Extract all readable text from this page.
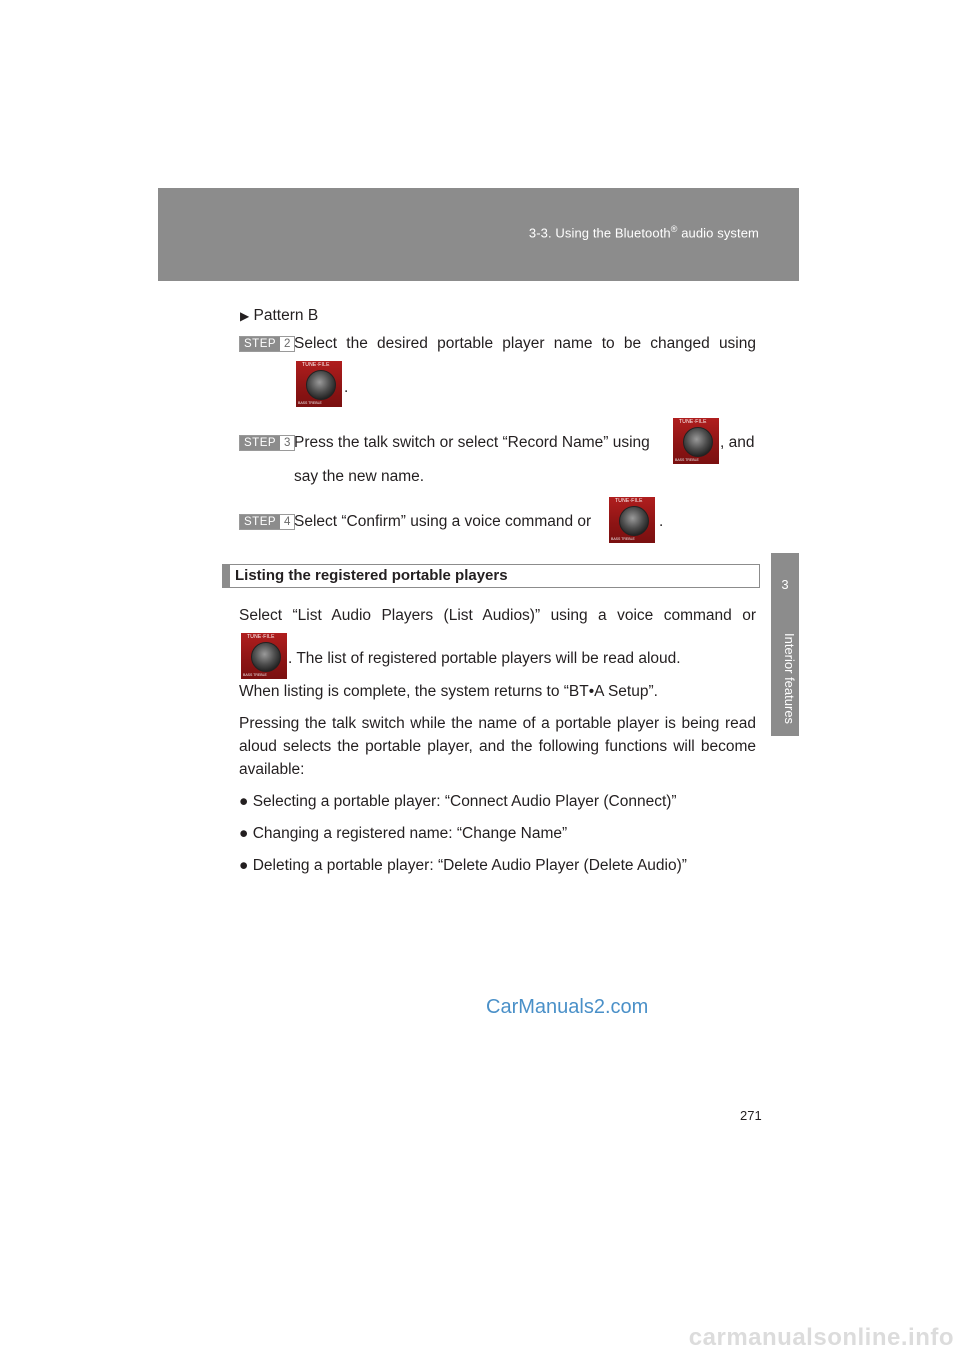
3-3. Using the Bluetooth® audio system
3
Interior features
▶ Pattern B
STEP 2 Select the desired portable player name to be changed using
TUNE·FILE
BASS TREBLE
.
STEP 3 Press the talk switch or select “Record Name” using
TUNE·FILE
BASS TREBLE
, and
say the new name.
STEP 4 Select “Confirm” using a voice command or
TUNE·FILE
BASS TREBLE
.
Listing the registered portable players
Select “List Audio Players (List Audios)” using a voice command or
TUNE·FILE
BASS TREBLE
. The list of registered portable players will be read aloud.
When listing is complete, the system returns to “BT•A Setup”.
Pressing the talk switch while the name of a portable player is being read
aloud selects the portable player, and the following functions will become
available:
● Selecting a portable player: “Connect Audio Player (Connect)”
● Changing a registered name: “Change Name”
● Deleting a portable player: “Delete Audio Player (Delete Audio)”
CarManuals2.com
271
carmanualsonline.info
